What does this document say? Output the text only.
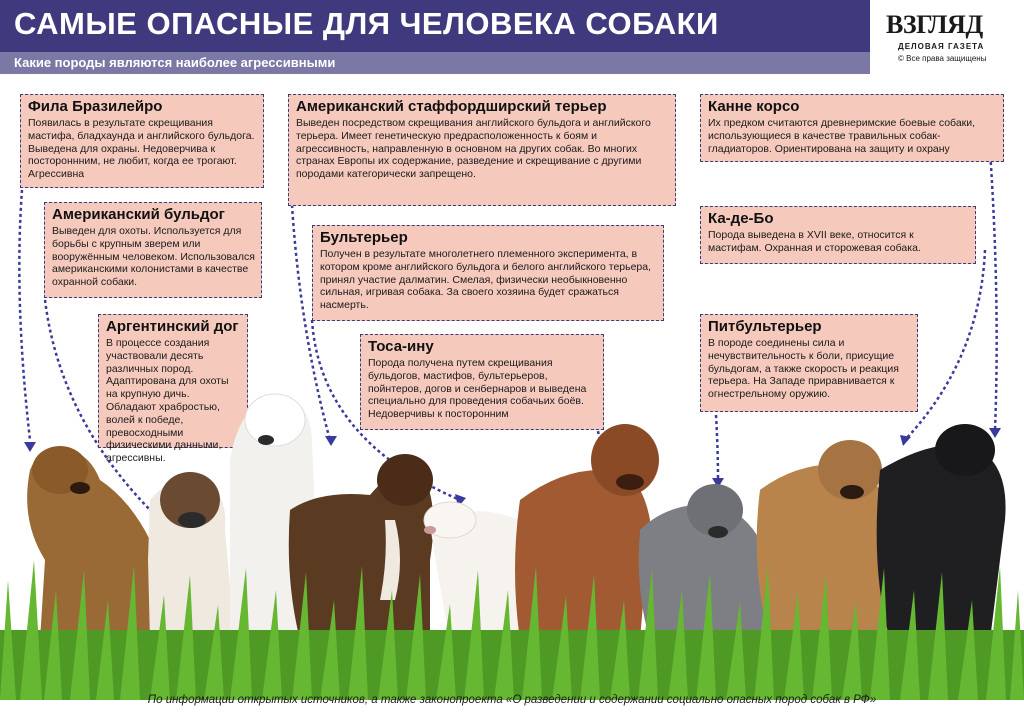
САМЫЕ ОПАСНЫЕ ДЛЯ ЧЕЛОВЕКА СОБАКИ
Какие породы являются наиболее агрессивными
ВЗГЛЯД
ДЕЛОВАЯ ГАЗЕТА
© Все права защищены
Фила Бразилейро

Появилась в результате скрещивания мастифа, бладхаунда и английского бульдога. Выведена для охраны. Недоверчива к постороннним, не любит, когда ее трогают. Агрессивна

Американский бульдог

Выведен для охоты. Используется для борьбы с крупным зверем или вооружённым человеком. Использовался американскими колонистами в качестве охранной собаки.

Аргентинский дог

В процессе создания участвовали десять различных пород. Адаптирована для охоты на крупную дичь. Обладают храбростью, волей к победе, превосходными физическими данными, агрессивны.

Американский стаффордширский терьер

Выведен посредством скрещивания английского бульдога и английского терьера. Имеет генетическую предрасположенность к боям и агрессивность, направленную в основном на других собак. Во многих странах Европы их содержание, разведение и скрещивание с другими породами категорически запрещено.

Бультерьер

Получен в результате многолетнего племенного эксперимента, в котором кроме английского бульдога и белого английского терьера, принял участие далматин. Смелая, физически необыкновенно сильная, игривая собака. За своего хозяина будет сражаться насмерть.

Тоса-ину

Порода получена путем скрещивания бульдогов, мастифов, бультерьеров, пойнтеров, догов и сенбернаров и выведена специально для проведения собачьих боёв. Недоверчивы к посторонним

Канне корсо

Их предком считаются древнеримские боевые собаки, использующиеся в качестве травильных собак-гладиаторов. Ориентирована на защиту и охрану

Ка-де-Бо

Порода выведена в XVII веке, относится к мастифам. Охранная и сторожевая собака.

Питбультерьер

В породе соединены сила и нечувствительность к боли, присущие бульдогам, а также скорость и реакция терьера. На Западе приравнивается к огнестрельному оружию.

По информации открытых источников, а также законопроекта «О разведении и содержании социально опасных пород собак в РФ»
